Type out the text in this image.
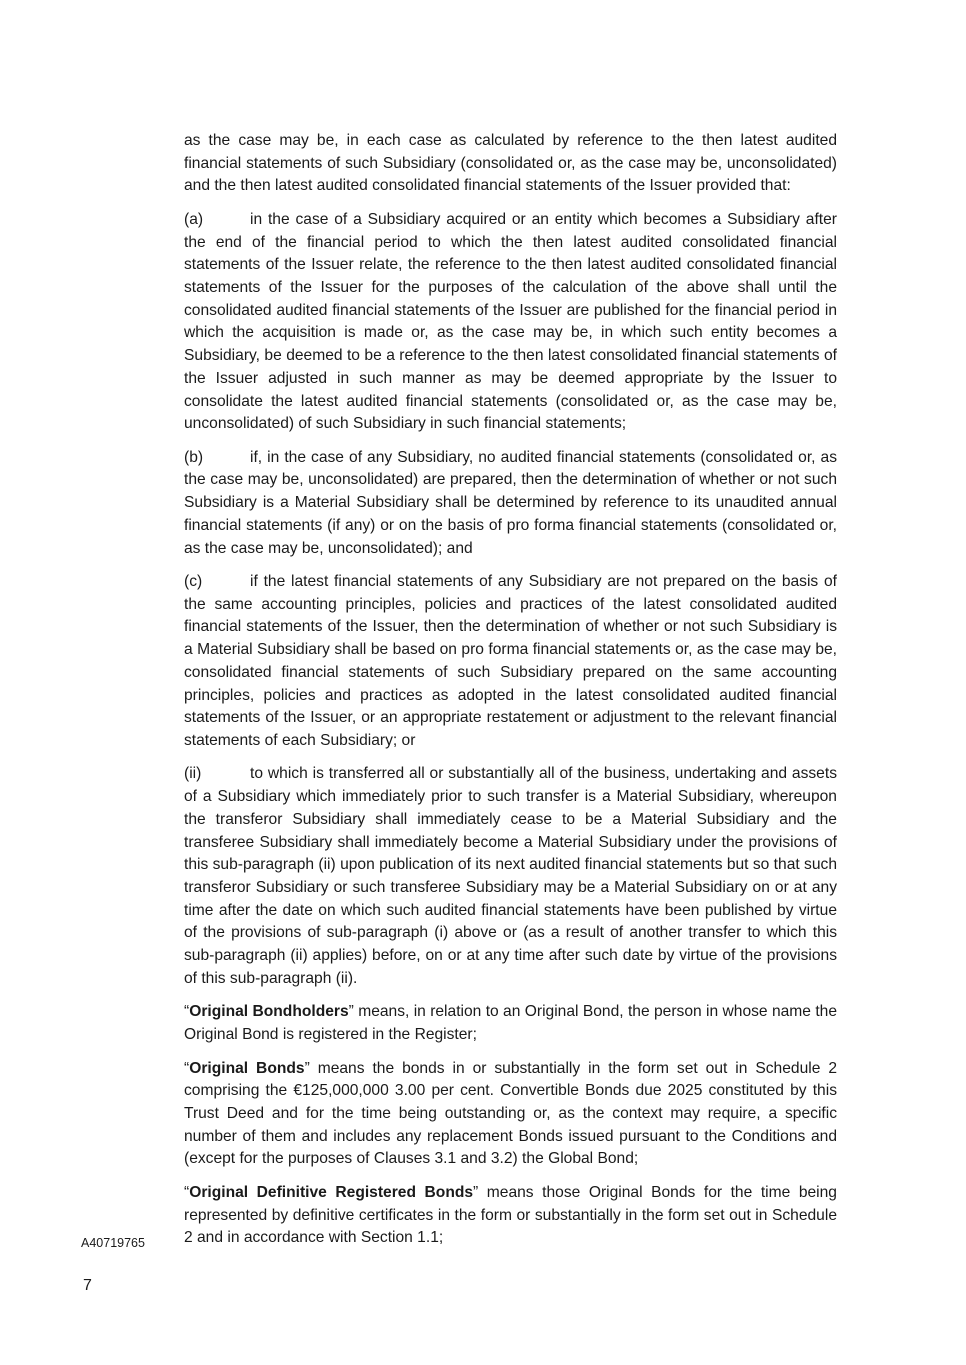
as the case may be, in each case as calculated by reference to the then latest audited financial statements of such Subsidiary (consolidated or, as the case may be, unconsolidated) and the then latest audited consolidated financial statements of the Issuer provided that:

(a)	in the case of a Subsidiary acquired or an entity which becomes a Subsidiary after the end of the financial period to which the then latest audited consolidated financial statements of the Issuer relate, the reference to the then latest audited consolidated financial statements of the Issuer for the purposes of the calculation of the above shall until the consolidated audited financial statements of the Issuer are published for the financial period in which the acquisition is made or, as the case may be, in which such entity becomes a Subsidiary, be deemed to be a reference to the then latest consolidated financial statements of the Issuer adjusted in such manner as may be deemed appropriate by the Issuer to consolidate the latest audited financial statements (consolidated or, as the case may be, unconsolidated) of such Subsidiary in such financial statements;

(b)	if, in the case of any Subsidiary, no audited financial statements (consolidated or, as the case may be, unconsolidated) are prepared, then the determination of whether or not such Subsidiary is a Material Subsidiary shall be determined by reference to its unaudited annual financial statements (if any) or on the basis of pro forma financial statements (consolidated or, as the case may be, unconsolidated); and

(c)	if the latest financial statements of any Subsidiary are not prepared on the basis of the same accounting principles, policies and practices of the latest consolidated audited financial statements of the Issuer, then the determination of whether or not such Subsidiary is a Material Subsidiary shall be based on pro forma financial statements or, as the case may be, consolidated financial statements of such Subsidiary prepared on the same accounting principles, policies and practices as adopted in the latest consolidated audited financial statements of the Issuer, or an appropriate restatement or adjustment to the relevant financial statements of each Subsidiary; or

(ii)	to which is transferred all or substantially all of the business, undertaking and assets of a Subsidiary which immediately prior to such transfer is a Material Subsidiary, whereupon the transferor Subsidiary shall immediately cease to be a Material Subsidiary and the transferee Subsidiary shall immediately become a Material Subsidiary under the provisions of this sub-paragraph (ii) upon publication of its next audited financial statements but so that such transferor Subsidiary or such transferee Subsidiary may be a Material Subsidiary on or at any time after the date on which such audited financial statements have been published by virtue of the provisions of sub-paragraph (i) above or (as a result of another transfer to which this sub-paragraph (ii) applies) before, on or at any time after such date by virtue of the provisions of this sub-paragraph (ii).

“Original Bondholders” means, in relation to an Original Bond, the person in whose name the Original Bond is registered in the Register;

“Original Bonds” means the bonds in or substantially in the form set out in Schedule 2 comprising the €125,000,000 3.00 per cent. Convertible Bonds due 2025 constituted by this Trust Deed and for the time being outstanding or, as the context may require, a specific number of them and includes any replacement Bonds issued pursuant to the Conditions and (except for the purposes of Clauses 3.1 and 3.2) the Global Bond;

“Original Definitive Registered Bonds” means those Original Bonds for the time being represented by definitive certificates in the form or substantially in the form set out in Schedule 2 and in accordance with Section 1.1;

A40719765
7
